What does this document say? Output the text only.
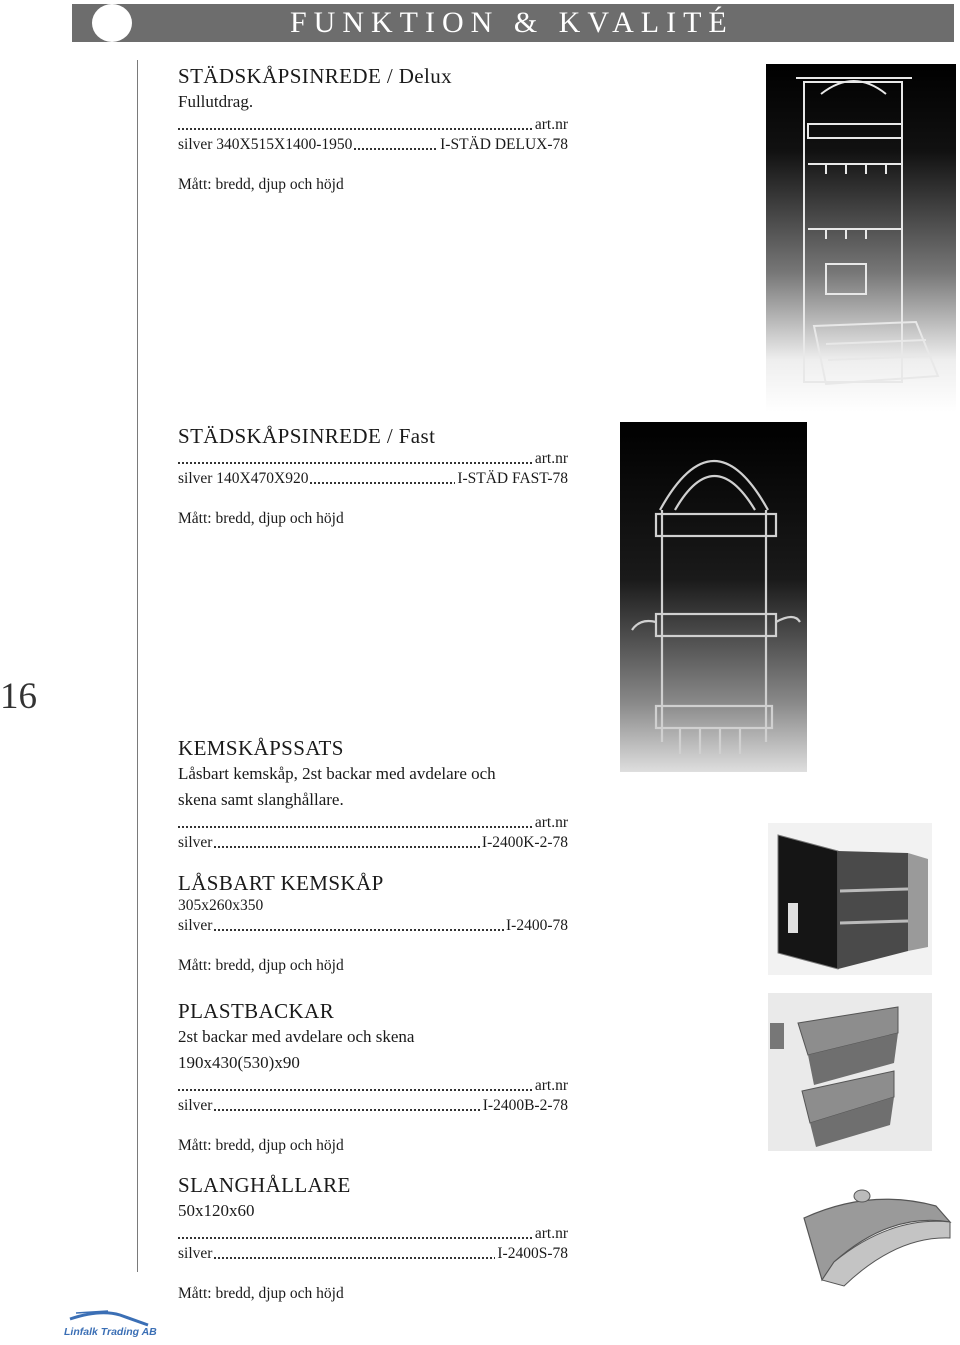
FUNKTION & KVALITÉ
16
STÄDSKÅPSINREDE / Delux
Fullutdrag.
art.nr
silver 340X515X1400-1950	I-STÄD DELUX-78
Mått: bredd, djup och höjd
STÄDSKÅPSINREDE / Fast
art.nr
silver 140X470X920	I-STÄD FAST-78
Mått: bredd, djup och höjd
KEMSKÅPSSATS
Låsbart kemskåp, 2st backar med avdelare och
skena samt slanghållare.
art.nr
silver	I-2400K-2-78
LÅSBART KEMSKÅP
305x260x350
silver	I-2400-78
Mått: bredd, djup och höjd
PLASTBACKAR
2st backar med avdelare och skena
190x430(530)x90
art.nr
silver	I-2400B-2-78
Mått: bredd, djup och höjd
SLANGHÅLLARE
50x120x60
art.nr
silver	I-2400S-78
Mått: bredd, djup och höjd
Linfalk Trading AB
